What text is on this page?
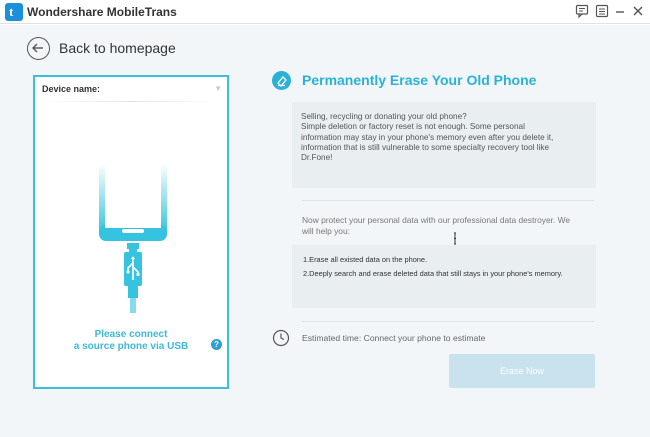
t Wondershare MobileTrans
Back to homepage
Device name:	▼
Please connect
a source phone via USB	?
Permanently Erase Your Old Phone
Selling, recycling or donating your old phone?
Simple deletion or factory reset is not enough. Some personal
information may stay in your phone's memory even after you delete it,
information that is still vulnerable to some specialty recovery tool like
Dr.Fone!
Now protect your personal data with our professional data destroyer. We
will help you:
1.Erase all existed data on the phone.
2.Deeply search and erase deleted data that still stays in your phone's memory.
Estimated time: Connect your phone to estimate
Erase Now
